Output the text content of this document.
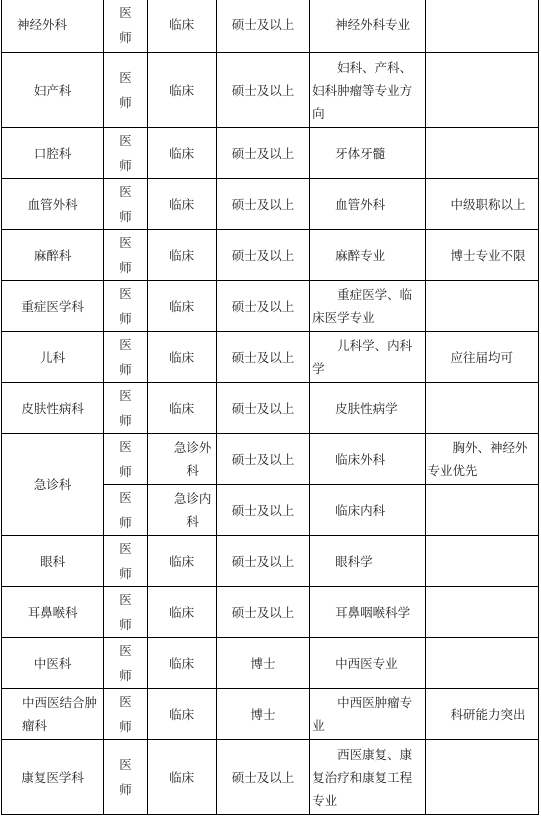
神经外科	医师	临床	硕士及以上	神经外科专业	

妇产科	医师	临床	硕士及以上	妇科、产科、妇科肿瘤等专业方向	

口腔科	医师	临床	硕士及以上	牙体牙髓	

血管外科	医师	临床	硕士及以上	血管外科	中级职称以上

麻醉科	医师	临床	硕士及以上	麻醉专业	博士专业不限

重症医学科	医师	临床	硕士及以上	重症医学、临床医学专业	

儿科	医师	临床	硕士及以上	儿科学、内科学	应往届均可

皮肤性病科	医师	临床	硕士及以上	皮肤性病学	

急诊科	医师	急诊外科	硕士及以上	临床外科	胸外、神经外专业优先

	医师	急诊内科	硕士及以上	临床内科	

眼科	医师	临床	硕士及以上	眼科学	

耳鼻喉科	医师	临床	硕士及以上	耳鼻咽喉科学	

中医科	医师	临床	博士	中西医专业	

中西医结合肿瘤科	医师	临床	博士	中西医肿瘤专业	科研能力突出

康复医学科	医师	临床	硕士及以上	西医康复、康复治疗和康复工程专业	
